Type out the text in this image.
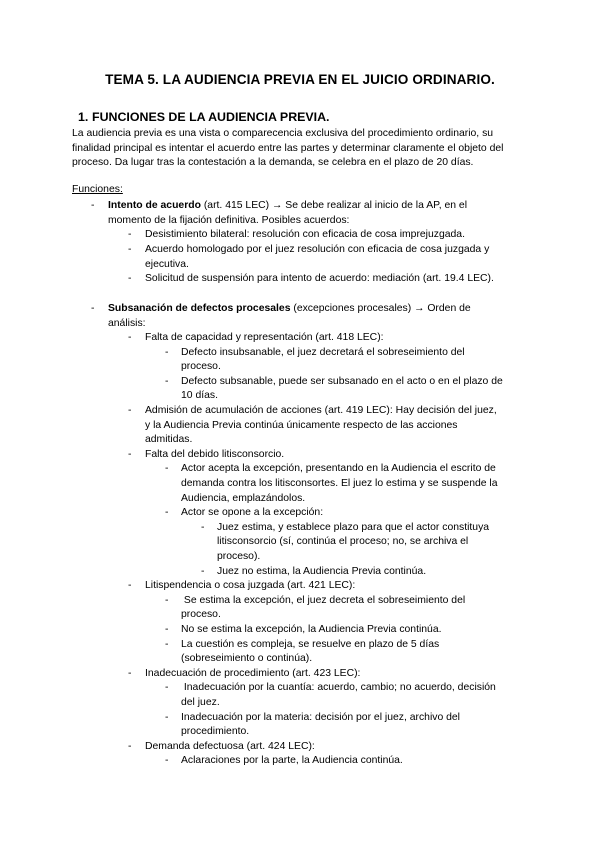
TEMA 5. LA AUDIENCIA PREVIA EN EL JUICIO ORDINARIO.
1. FUNCIONES DE LA AUDIENCIA PREVIA.
La audiencia previa es una vista o comparecencia exclusiva del procedimiento ordinario, su finalidad principal es intentar el acuerdo entre las partes y determinar claramente el objeto del proceso. Da lugar tras la contestación a la demanda, se celebra en el plazo de 20 días.
Funciones:
- Intento de acuerdo (art. 415 LEC) → Se debe realizar al inicio de la AP, en el
momento de la fijación definitiva. Posibles acuerdos:
- Desistimiento bilateral: resolución con eficacia de cosa imprejuzgada.
- Acuerdo homologado por el juez resolución con eficacia de cosa juzgada y
ejecutiva.
- Solicitud de suspensión para intento de acuerdo: mediación (art. 19.4 LEC).
- Subsanación de defectos procesales (excepciones procesales) → Orden de
análisis:
- Falta de capacidad y representación (art. 418 LEC):
- Defecto insubsanable, el juez decretará el sobreseimiento del
proceso.
- Defecto subsanable, puede ser subsanado en el acto o en el plazo de
10 días.
- Admisión de acumulación de acciones (art. 419 LEC): Hay decisión del juez,
y la Audiencia Previa continúa únicamente respecto de las acciones
admitidas.
- Falta del debido litisconsorcio.
- Actor acepta la excepción, presentando en la Audiencia el escrito de
demanda contra los litisconsortes. El juez lo estima y se suspende la
Audiencia, emplazándolos.
- Actor se opone a la excepción:
- Juez estima, y establece plazo para que el actor constituya
litisconsorcio (sí, continúa el proceso; no, se archiva el
proceso).
- Juez no estima, la Audiencia Previa continúa.
- Litispendencia o cosa juzgada (art. 421 LEC):
- Se estima la excepción, el juez decreta el sobreseimiento del
proceso.
- No se estima la excepción, la Audiencia Previa continúa.
- La cuestión es compleja, se resuelve en plazo de 5 días
(sobreseimiento o continúa).
- Inadecuación de procedimiento (art. 423 LEC):
- Inadecuación por la cuantía: acuerdo, cambio; no acuerdo, decisión
del juez.
- Inadecuación por la materia: decisión por el juez, archivo del
procedimiento.
- Demanda defectuosa (art. 424 LEC):
- Aclaraciones por la parte, la Audiencia continúa.
